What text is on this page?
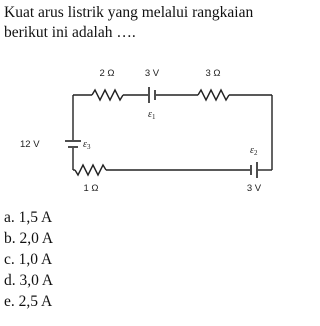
Kuat arus listrik yang melalui rangkaian
berikut ini adalah ….
2 Ω	3 V	3 Ω
$\varepsilon_1$
12 V	$\varepsilon_3$	$\varepsilon_2$
1 Ω	3 V
a. 1,5 A
b. 2,0 A
c. 1,0 A
d. 3,0 A
e. 2,5 A
